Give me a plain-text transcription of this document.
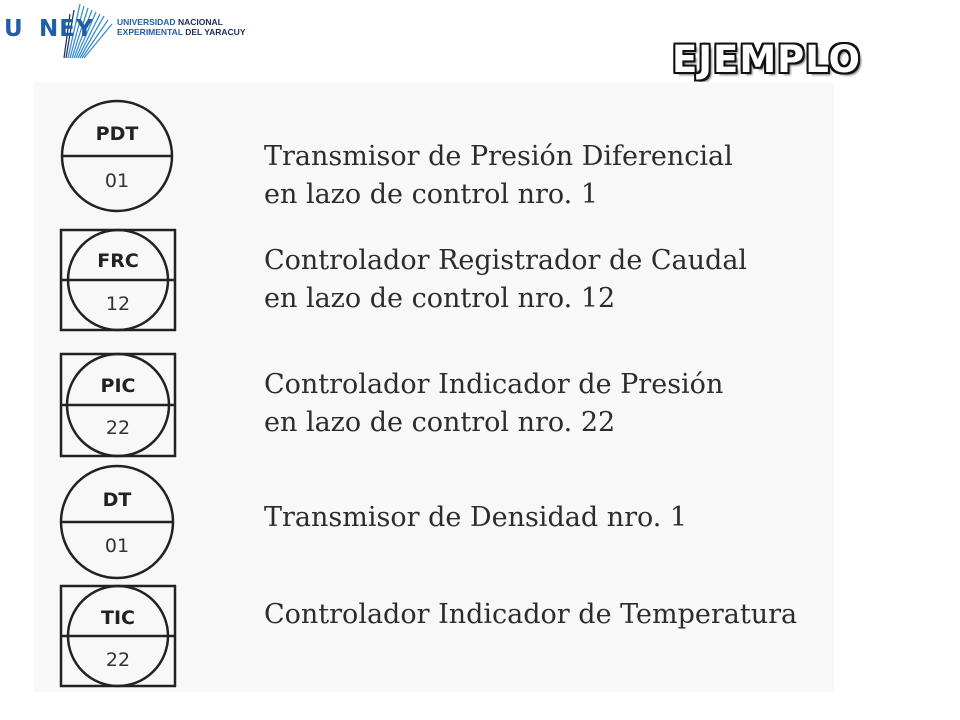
U NEY	UNIVERSIDAD NACIONAL
EXPERIMENTAL DEL YARACUY
EJEMPLO
PDT
01
FRC
12
PIC
22
DT
01
TIC
22
Transmisor de Presión Diferencial
en lazo de control nro. 1
Controlador Registrador de Caudal
en lazo de control nro. 12
Controlador Indicador de Presión
en lazo de control nro. 22
Transmisor de Densidad nro. 1
Controlador Indicador de Temperatura
